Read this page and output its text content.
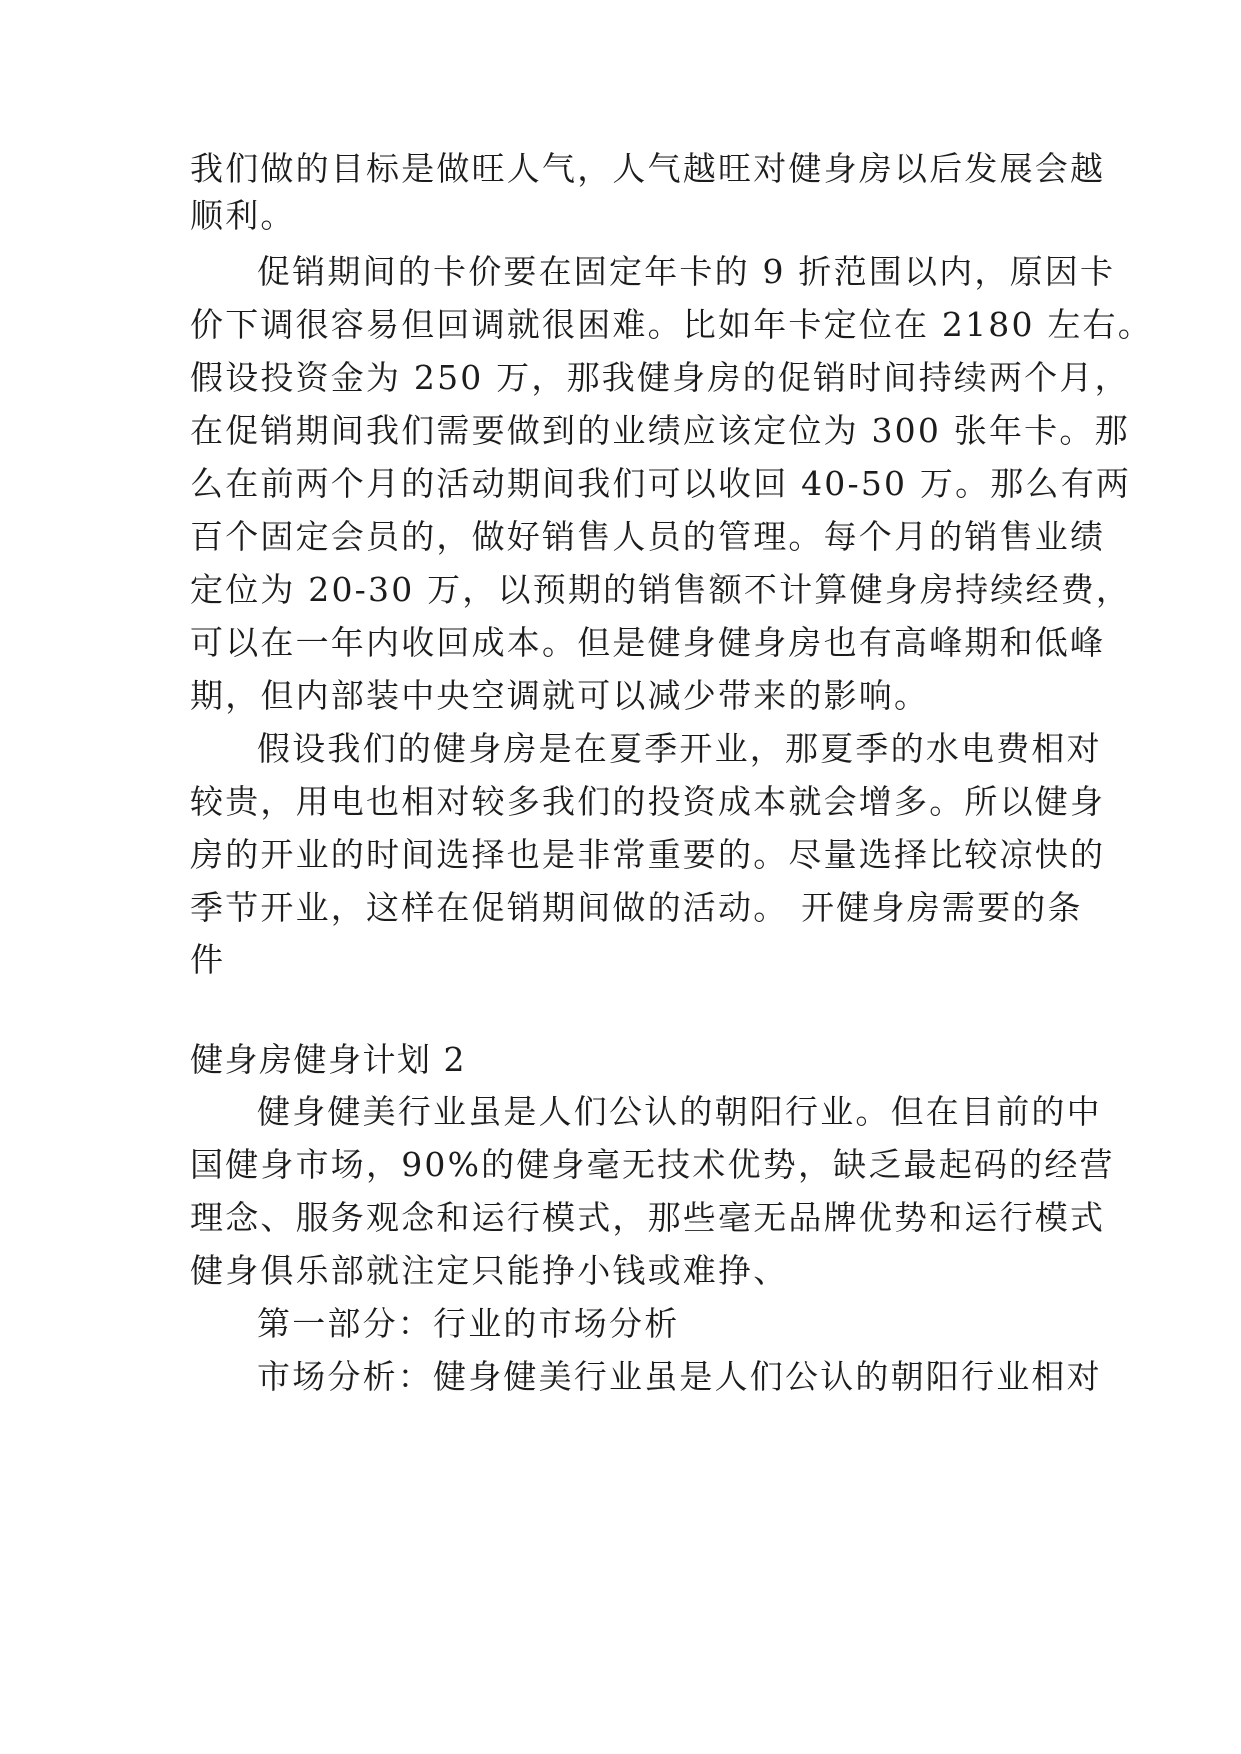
我们做的目标是做旺人气，人气越旺对健身房以后发展会越
顺利。
促销期间的卡价要在固定年卡的 9 折范围以内，原因卡
价下调很容易但回调就很困难。比如年卡定位在 2180 左右。
假设投资金为 250 万，那我健身房的促销时间持续两个月，
在促销期间我们需要做到的业绩应该定位为 300 张年卡。那
么在前两个月的活动期间我们可以收回 40-50 万。那么有两
百个固定会员的，做好销售人员的管理。每个月的销售业绩
定位为 20-30 万，以预期的销售额不计算健身房持续经费，
可以在一年内收回成本。但是健身健身房也有高峰期和低峰
期，但内部装中央空调就可以减少带来的影响。
假设我们的健身房是在夏季开业，那夏季的水电费相对
较贵，用电也相对较多我们的投资成本就会增多。所以健身
房的开业的时间选择也是非常重要的。尽量选择比较凉快的
季节开业，这样在促销期间做的活动。 开健身房需要的条
件
健身房健身计划 2
健身健美行业虽是人们公认的朝阳行业。但在目前的中
国健身市场，90%的健身毫无技术优势，缺乏最起码的经营
理念、服务观念和运行模式，那些毫无品牌优势和运行模式
健身俱乐部就注定只能挣小钱或难挣、
第一部分：行业的市场分析
市场分析：健身健美行业虽是人们公认的朝阳行业相对
